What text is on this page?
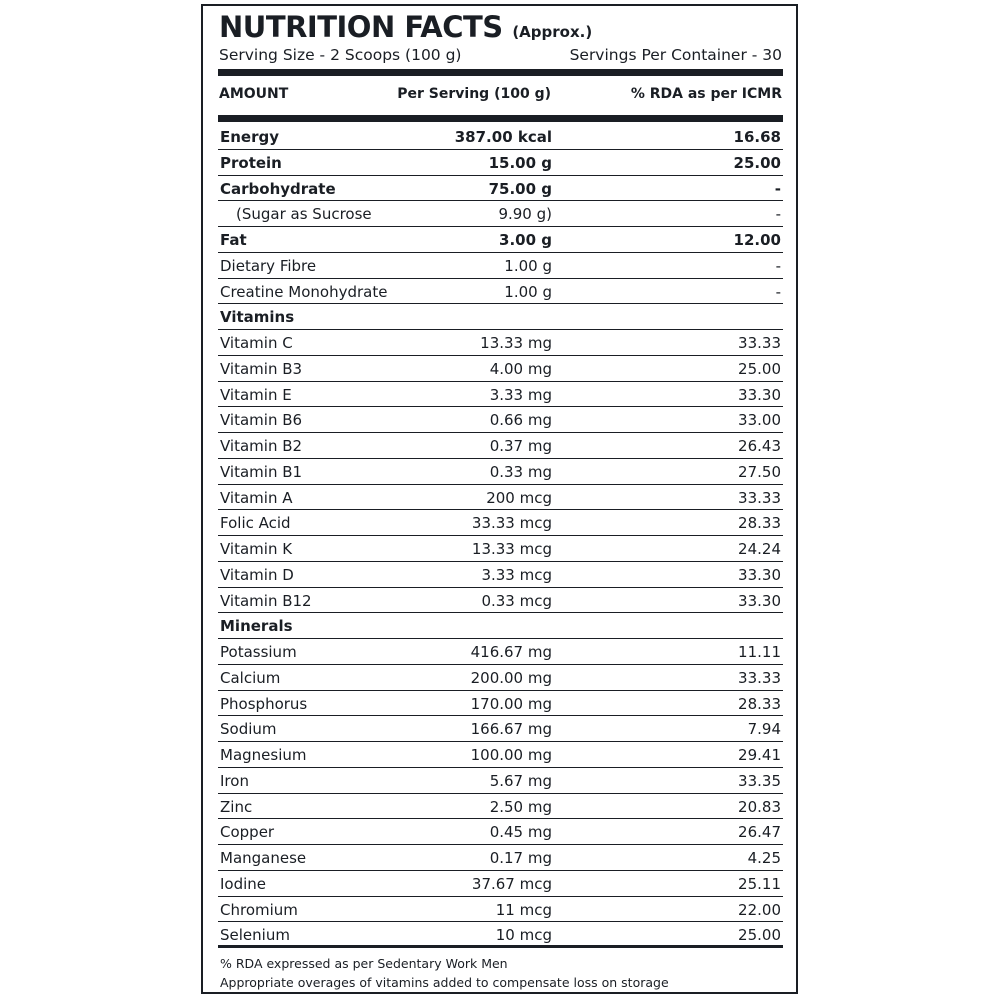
NUTRITION FACTS (Approx.)
Serving Size - 2 Scoops (100 g)	Servings Per Container - 30
AMOUNT	Per Serving (100 g)	% RDA as per ICMR
Energy	387.00 kcal	16.68
Protein	15.00 g	25.00
Carbohydrate	75.00 g	-
(Sugar as Sucrose	9.90 g)	-
Fat	3.00 g	12.00
Dietary Fibre	1.00 g	-
Creatine Monohydrate	1.00 g	-
Vitamins
Vitamin C	13.33 mg	33.33
Vitamin B3	4.00 mg	25.00
Vitamin E	3.33 mg	33.30
Vitamin B6	0.66 mg	33.00
Vitamin B2	0.37 mg	26.43
Vitamin B1	0.33 mg	27.50
Vitamin A	200 mcg	33.33
Folic Acid	33.33 mcg	28.33
Vitamin K	13.33 mcg	24.24
Vitamin D	3.33 mcg	33.30
Vitamin B12	0.33 mcg	33.30
Minerals
Potassium	416.67 mg	11.11
Calcium	200.00 mg	33.33
Phosphorus	170.00 mg	28.33
Sodium	166.67 mg	7.94
Magnesium	100.00 mg	29.41
Iron	5.67 mg	33.35
Zinc	2.50 mg	20.83
Copper	0.45 mg	26.47
Manganese	0.17 mg	4.25
Iodine	37.67 mcg	25.11
Chromium	11 mcg	22.00
Selenium	10 mcg	25.00
% RDA expressed as per Sedentary Work Men
Appropriate overages of vitamins added to compensate loss on storage
